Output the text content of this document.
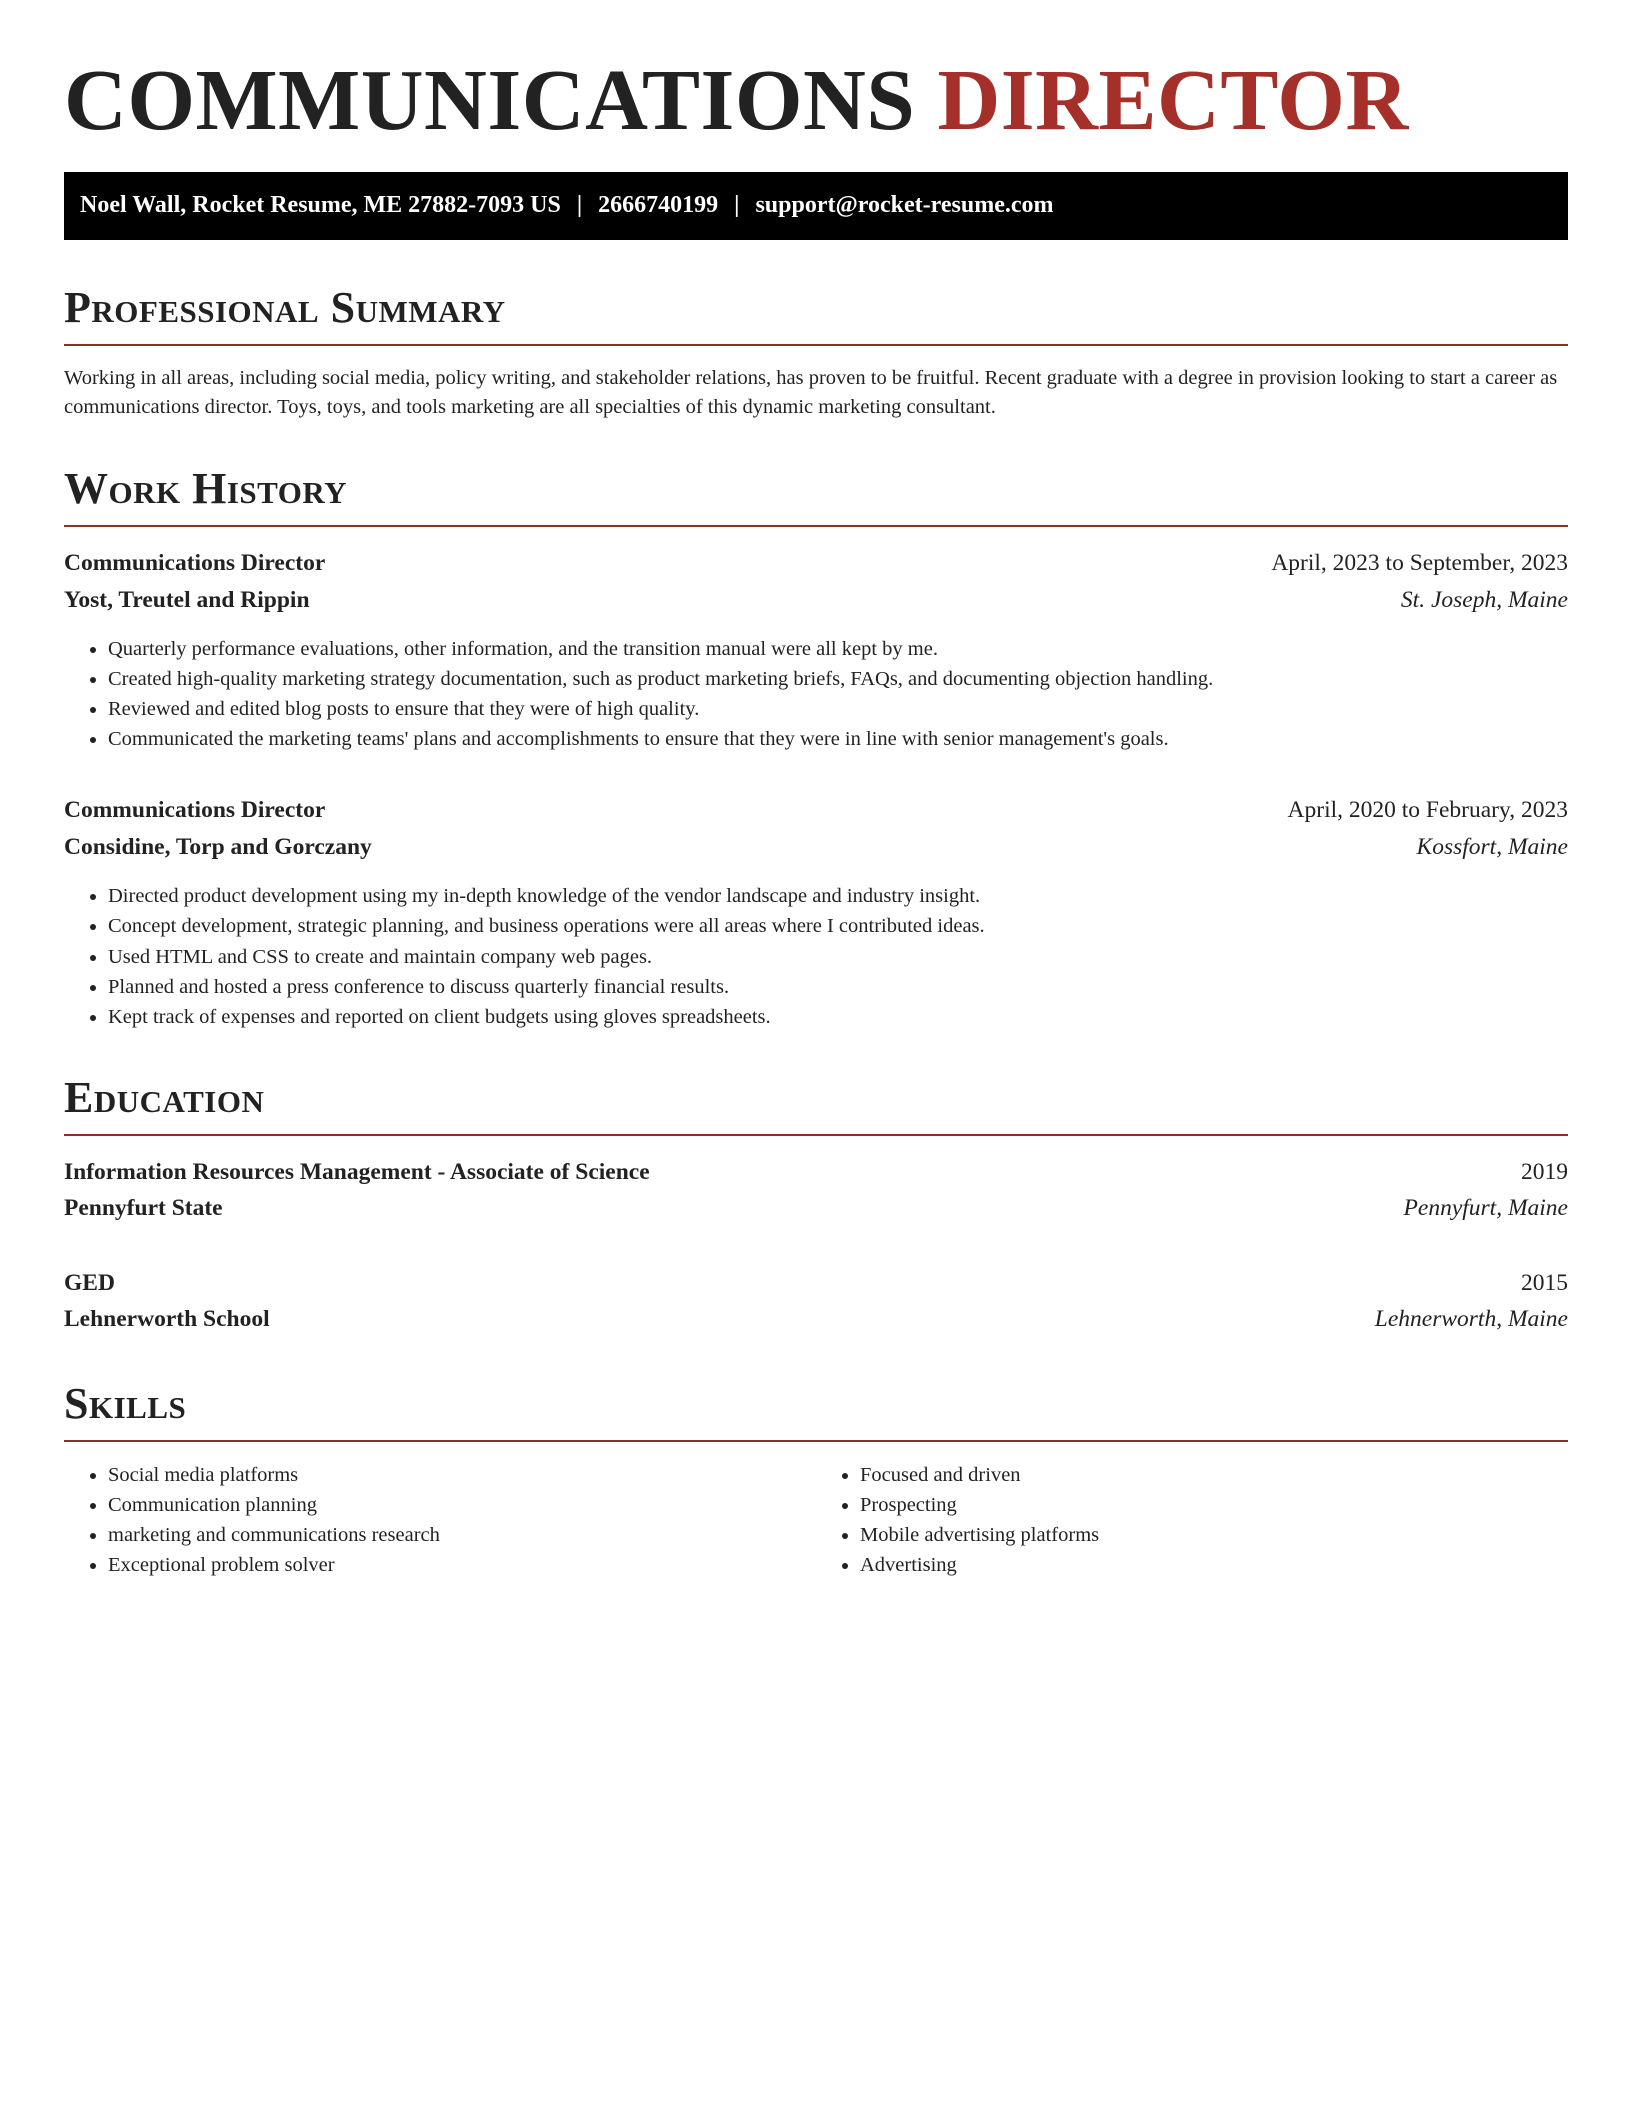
COMMUNICATIONS DIRECTOR
Noel Wall, Rocket Resume, ME 27882-7093 US | 2666740199 | support@rocket-resume.com
Professional Summary

Working in all areas, including social media, policy writing, and stakeholder relations, has proven to be fruitful. Recent graduate with a degree in provision looking to start a career as communications director. Toys, toys, and tools marketing are all specialties of this dynamic marketing consultant.

Work History
Communications Director	April, 2023 to September, 2023
Yost, Treutel and Rippin	St. Joseph, Maine
• Quarterly performance evaluations, other information, and the transition manual were all kept by me.
• Created high-quality marketing strategy documentation, such as product marketing briefs, FAQs, and documenting objection handling.
• Reviewed and edited blog posts to ensure that they were of high quality.
• Communicated the marketing teams' plans and accomplishments to ensure that they were in line with senior management's goals.
Communications Director	April, 2020 to February, 2023
Considine, Torp and Gorczany	Kossfort, Maine
• Directed product development using my in-depth knowledge of the vendor landscape and industry insight.
• Concept development, strategic planning, and business operations were all areas where I contributed ideas.
• Used HTML and CSS to create and maintain company web pages.
• Planned and hosted a press conference to discuss quarterly financial results.
• Kept track of expenses and reported on client budgets using gloves spreadsheets.
Education
Information Resources Management - Associate of Science	2019
Pennyfurt State	Pennyfurt, Maine
GED	2015
Lehnerworth School	Lehnerworth, Maine
Skills
• Social media platforms
• Communication planning
• marketing and communications research
• Exceptional problem solver
• Focused and driven
• Prospecting
• Mobile advertising platforms
• Advertising
